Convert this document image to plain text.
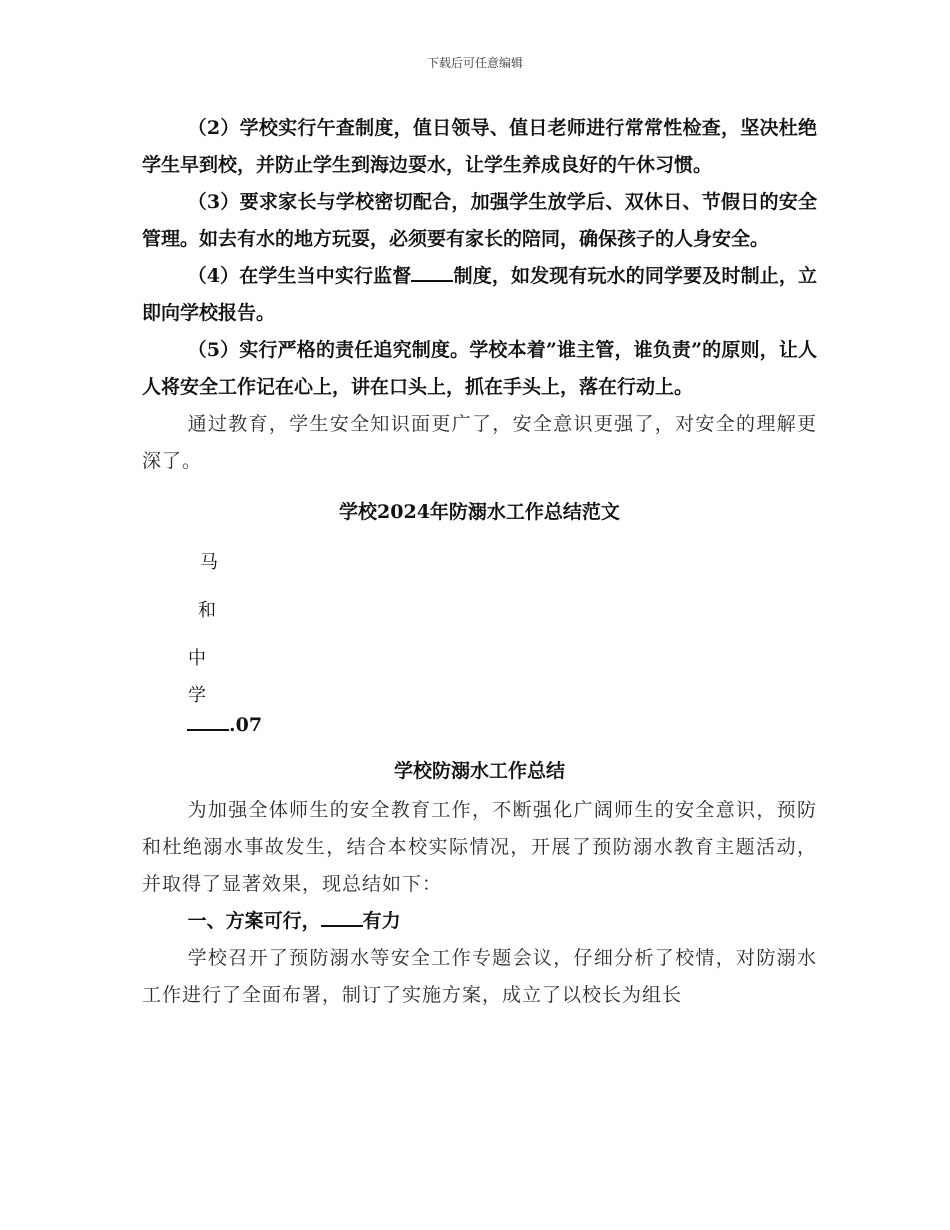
下载后可任意编辑

（2）学校实行午查制度，值日领导、值日老师进行常常性检查，坚决杜绝学生早到校，并防止学生到海边耍水，让学生养成良好的午休习惯。

（3）要求家长与学校密切配合，加强学生放学后、双休日、节假日的安全管理。如去有水的地方玩耍，必须要有家长的陪同，确保孩子的人身安全。

（4）在学生当中实行监督 制度，如发现有玩水的同学要及时制止，立即向学校报告。

（5）实行严格的责任追究制度。学校本着”谁主管，谁负责”的原则，让人人将安全工作记在心上，讲在口头上，抓在手头上，落在行动上。

通过教育，学生安全知识面更广了，安全意识更强了，对安全的理解更深了。

学校2024年防溺水工作总结范文
马
和
中
学
.07
学校防溺水工作总结

为加强全体师生的安全教育工作，不断强化广阔师生的安全意识，预防和杜绝溺水事故发生，结合本校实际情况，开展了预防溺水教育主题活动，并取得了显著效果，现总结如下：

一、方案可行， 有力

学校召开了预防溺水等安全工作专题会议，仔细分析了校情，对防溺水工作进行了全面布署，制订了实施方案，成立了以校长为组长
